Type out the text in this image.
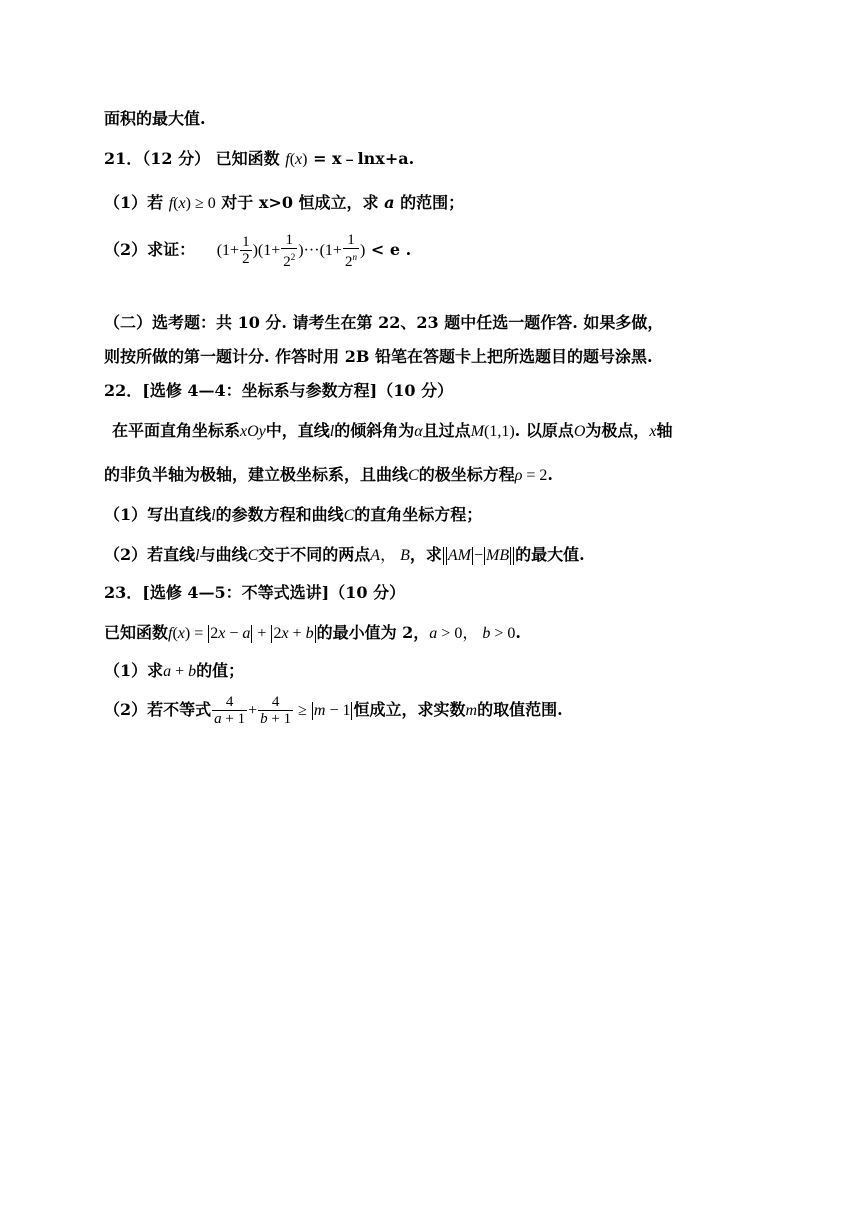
面积的最大值.
21．（12 分） 已知函数 f(x) = x﹣lnx+a.
（1）若 f(x) ≥ 0 对于 x>0 恒成立，求 a 的范围；
（2）求证： $(1+ \frac{1}{2} )(1+ \frac{1}{2^2} )\cdot\cdot\cdot(1+ \frac{1}{2^n}$ ) < e .
（二）选考题：共 10 分. 请考生在第 22、23 题中任选一题作答. 如果多做，
则按所做的第一题计分. 作答时用 2B 铅笔在答题卡上把所选题目的题号涂黑.
22．[选修 4—4：坐标系与参数方程]（10 分）
在平面直角坐标系xOy中，直线l的倾斜角为α且过点M(1,1). 以原点O为极点，x轴
的非负半轴为极轴，建立极坐标系，且曲线C的极坐标方程ρ = 2.
（1）写出直线l的参数方程和曲线C的直角坐标方程；
（2）若直线l与曲线C交于不同的两点A， B，求 AM − MB 的最大值.
23．[选修 4—5：不等式选讲]（10 分）
已知函数f(x) = 2x − a + 2x + b 的最小值为 2，a > 0， b > 0.
（1）求a + b的值；
（2）若不等式 $\frac{4}{a + 1} + \frac{4}{b + 1} \ge m - 1$ 恒成立，求实数m的取值范围.
